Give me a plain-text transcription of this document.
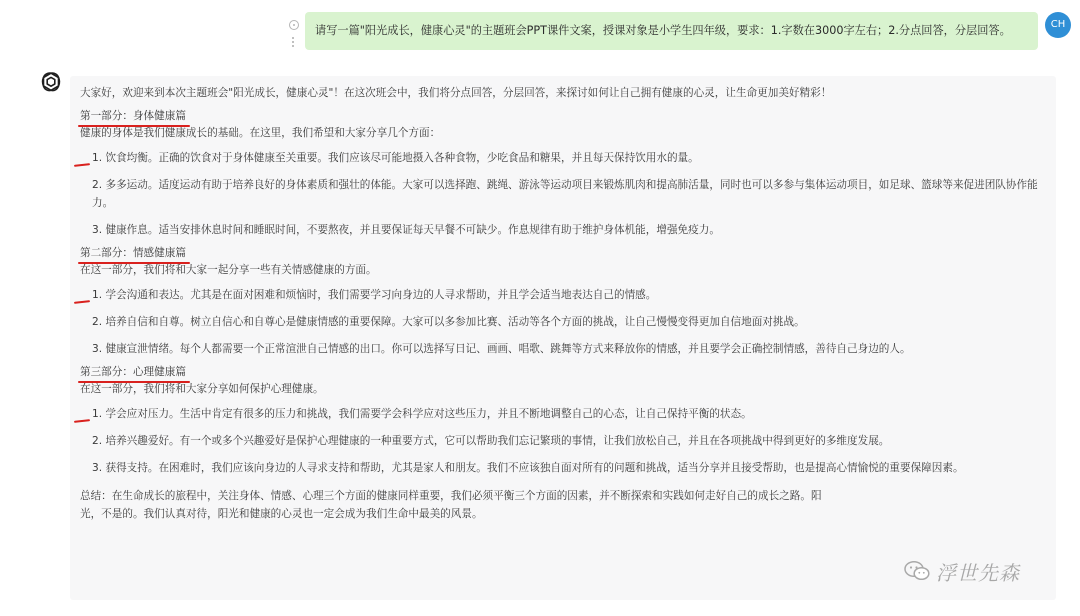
请写一篇"阳光成长，健康心灵"的主题班会PPT课件文案，授课对象是小学生四年级，要求：1.字数在3000字左右；2.分点回答，分层回答。	CH

大家好，欢迎来到本次主题班会"阳光成长，健康心灵"！在这次班会中，我们将分点回答，分层回答，来探讨如何让自己拥有健康的心灵，让生命更加美好精彩！

第一部分：身体健康篇

健康的身体是我们健康成长的基础。在这里，我们希望和大家分享几个方面：

1. 饮食均衡。正确的饮食对于身体健康至关重要。我们应该尽可能地摄入各种食物，少吃食品和糖果，并且每天保持饮用水的量。
2. 多多运动。适度运动有助于培养良好的身体素质和强壮的体能。大家可以选择跑、跳绳、游泳等运动项目来锻炼肌肉和提高肺活量，同时也可以多参与集体运动项目，如足球、篮球等来促进团队协作能力。
3. 健康作息。适当安排休息时间和睡眠时间，不要熬夜，并且要保证每天早餐不可缺少。作息规律有助于维护身体机能，增强免疫力。

第二部分：情感健康篇

在这一部分，我们将和大家一起分享一些有关情感健康的方面。

1. 学会沟通和表达。尤其是在面对困难和烦恼时，我们需要学习向身边的人寻求帮助，并且学会适当地表达自己的情感。
2. 培养自信和自尊。树立自信心和自尊心是健康情感的重要保障。大家可以多参加比赛、活动等各个方面的挑战，让自己慢慢变得更加自信地面对挑战。
3. 健康宣泄情绪。每个人都需要一个正常渲泄自己情感的出口。你可以选择写日记、画画、唱歌、跳舞等方式来释放你的情感，并且要学会正确控制情感，善待自己身边的人。

第三部分：心理健康篇

在这一部分，我们将和大家分享如何保护心理健康。

1. 学会应对压力。生活中肯定有很多的压力和挑战，我们需要学会科学应对这些压力，并且不断地调整自己的心态，让自己保持平衡的状态。
2. 培养兴趣爱好。有一个或多个兴趣爱好是保护心理健康的一种重要方式，它可以帮助我们忘记繁琐的事情，让我们放松自己，并且在各项挑战中得到更好的多维度发展。
3. 获得支持。在困难时，我们应该向身边的人寻求支持和帮助，尤其是家人和朋友。我们不应该独自面对所有的问题和挑战，适当分享并且接受帮助，也是提高心情愉悦的重要保障因素。

总结：在生命成长的旅程中，关注身体、情感、心理三个方面的健康同样重要，我们必须平衡三个方面的因素，并不断探索和实践如何走好自己的成长之路。阳光，不是的。我们认真对待，阳光和健康的心灵也一定会成为我们生命中最美的风景。

浮世先森
